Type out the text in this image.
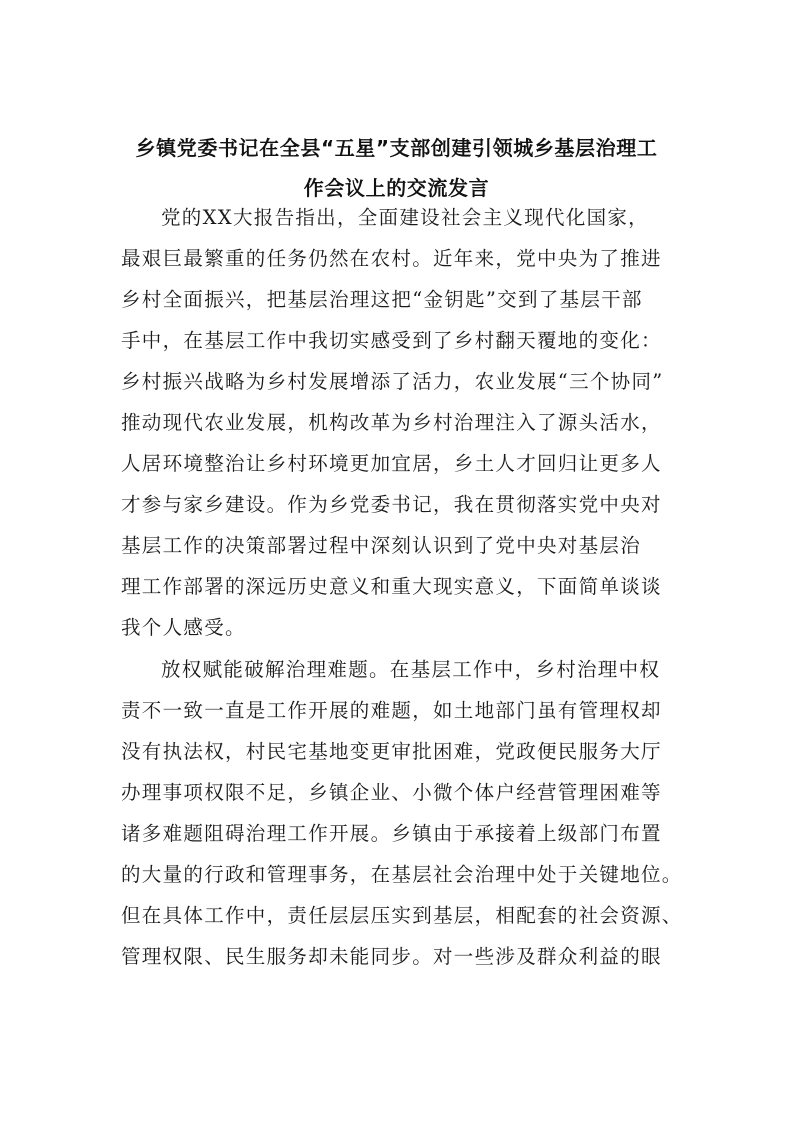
乡镇党委书记在全县“五星”支部创建引领城乡基层治理工
作会议上的交流发言
党的XX大报告指出，全面建设社会主义现代化国家，
最艰巨最繁重的任务仍然在农村。近年来，党中央为了推进
乡村全面振兴，把基层治理这把“金钥匙”交到了基层干部
手中，在基层工作中我切实感受到了乡村翻天覆地的变化：
乡村振兴战略为乡村发展增添了活力，农业发展“三个协同”
推动现代农业发展，机构改革为乡村治理注入了源头活水，
人居环境整治让乡村环境更加宜居，乡土人才回归让更多人
才参与家乡建设。作为乡党委书记，我在贯彻落实党中央对
基层工作的决策部署过程中深刻认识到了党中央对基层治
理工作部署的深远历史意义和重大现实意义，下面简单谈谈
我个人感受。
放权赋能破解治理难题。在基层工作中，乡村治理中权
责不一致一直是工作开展的难题，如土地部门虽有管理权却
没有执法权，村民宅基地变更审批困难，党政便民服务大厅
办理事项权限不足，乡镇企业、小微个体户经营管理困难等
诸多难题阻碍治理工作开展。乡镇由于承接着上级部门布置
的大量的行政和管理事务，在基层社会治理中处于关键地位。
但在具体工作中，责任层层压实到基层，相配套的社会资源、
管理权限、民生服务却未能同步。对一些涉及群众利益的眼
